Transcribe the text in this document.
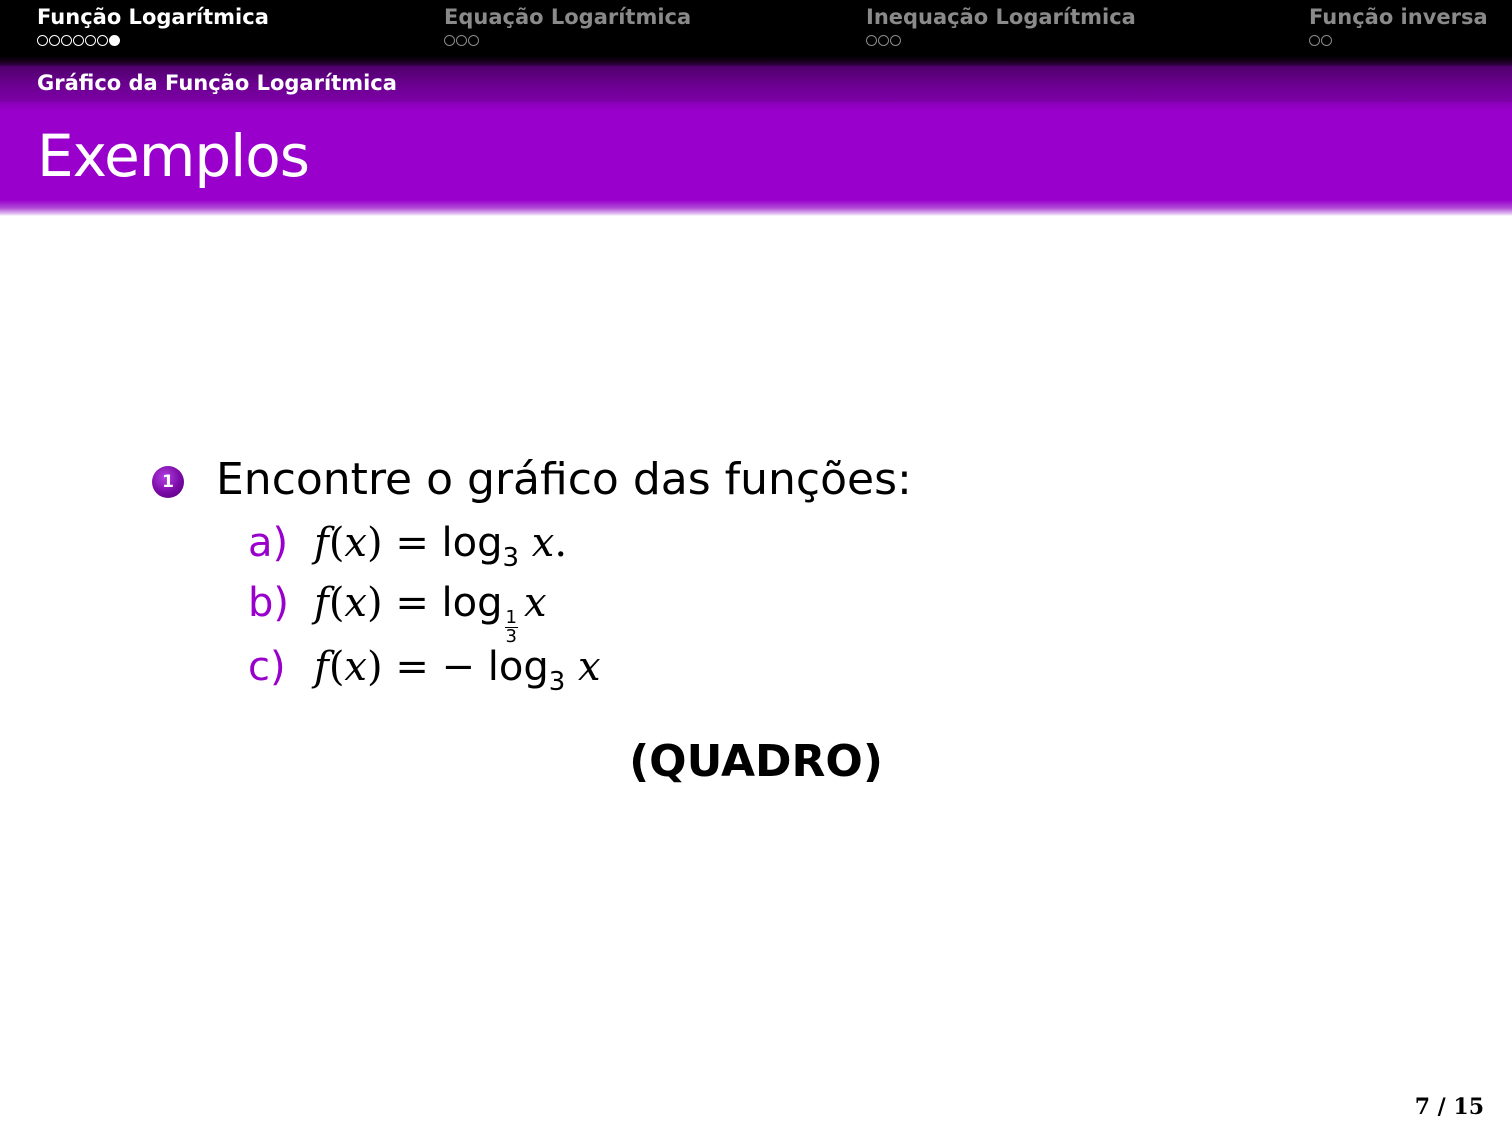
Função Logarítmica	Equação Logarítmica	Inequação Logarítmica	Função inversa
Gráfico da Função Logarítmica
Exemplos
1 Encontre o gráfico das funções:
a) $f(x) = \log_3 x$.
b) f(x) = log
$\frac{1}{3}$
x
c) f(x) = − $\log_3 x$
(QUADRO)
7 / 15
